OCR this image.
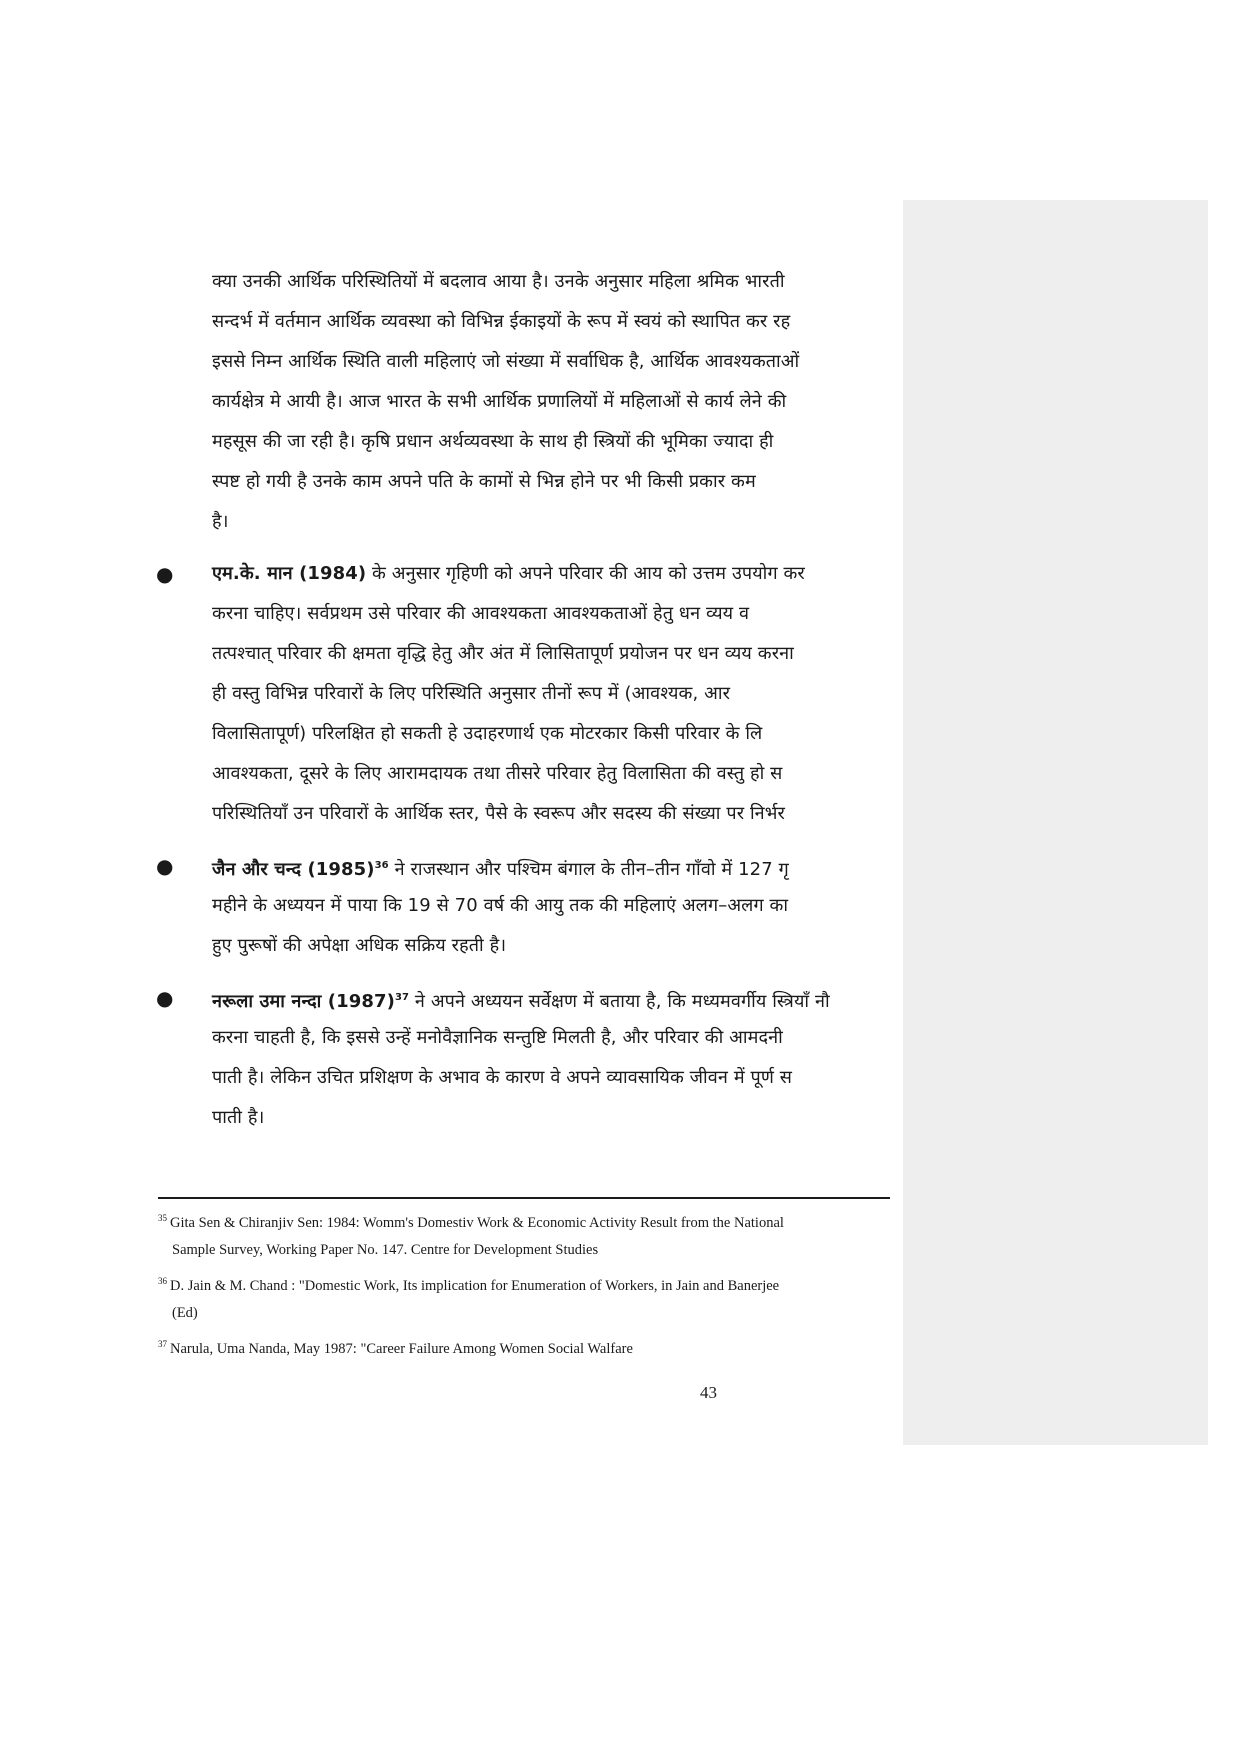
क्या उनकी आर्थिक परिस्थितियों में बदलाव आया है। उनके अनुसार महिला श्रमिक भारती
सन्दर्भ में वर्तमान आर्थिक व्यवस्था को विभिन्न ईकाइयों के रूप में स्वयं को स्थापित कर रह
इससे निम्न आर्थिक स्थिति वाली महिलाएं जो संख्या में सर्वाधिक है, आर्थिक आवश्यकताओं
कार्यक्षेत्र मे आयी है। आज भारत के सभी आर्थिक प्रणालियों में महिलाओं से कार्य लेने की
महसूस की जा रही है। कृषि प्रधान अर्थव्यवस्था के साथ ही स्त्रियों की भूमिका ज्यादा ही
स्पष्ट हो गयी है उनके काम अपने पति के कामों से भिन्न होने पर भी किसी प्रकार कम
है।
● एम.के. मान (1984) के अनुसार गृहिणी को अपने परिवार की आय को उत्तम उपयोग कर
करना चाहिए। सर्वप्रथम उसे परिवार की आवश्यकता आवश्यकताओं हेतु धन व्यय व
तत्पश्चात् परिवार की क्षमता वृद्धि हेतु और अंत में लिासितापूर्ण प्रयोजन पर धन व्यय करना
ही वस्तु विभिन्न परिवारों के लिए परिस्थिति अनुसार तीनों रूप में (आवश्यक, आर
विलासितापूर्ण) परिलक्षित हो सकती हे उदाहरणार्थ एक मोटरकार किसी परिवार के लि
आवश्यकता, दूसरे के लिए आरामदायक तथा तीसरे परिवार हेतु विलासिता की वस्तु हो स
परिस्थितियाँ उन परिवारों के आर्थिक स्तर, पैसे के स्वरूप और सदस्य की संख्या पर निर्भर
● जैन और चन्द $(1985)^{36}$ ने राजस्थान और पश्चिम बंगाल के तीन–तीन गाँवो में 127 गृ
महीने के अध्ययन में पाया कि 19 से 70 वर्ष की आयु तक की महिलाएं अलग–अलग का
हुए पुरूषों की अपेक्षा अधिक सक्रिय रहती है।
● नरूला उमा नन्दा $(1987)^{37}$ ने अपने अध्ययन सर्वेक्षण में बताया है, कि मध्यमवर्गीय स्त्रियाँ नौ
करना चाहती है, कि इससे उन्हें मनोवैज्ञानिक सन्तुष्टि मिलती है, और परिवार की आमदनी
पाती है। लेकिन उचित प्रशिक्षण के अभाव के कारण वे अपने व्यावसायिक जीवन में पूर्ण स
पाती है।
$^{35}$ Gita Sen & Chiranjiv Sen: 1984: Womm's Domestiv Work & Economic Activity Result from the National
Sample Survey, Working Paper No. 147. Centre for Development Studies
$^{36}$ D. Jain & M. Chand : "Domestic Work, Its implication for Enumeration of Workers, in Jain and Banerjee
(Ed)
$^{37}$ Narula, Uma Nanda, May 1987: "Career Failure Among Women Social Walfare
43
